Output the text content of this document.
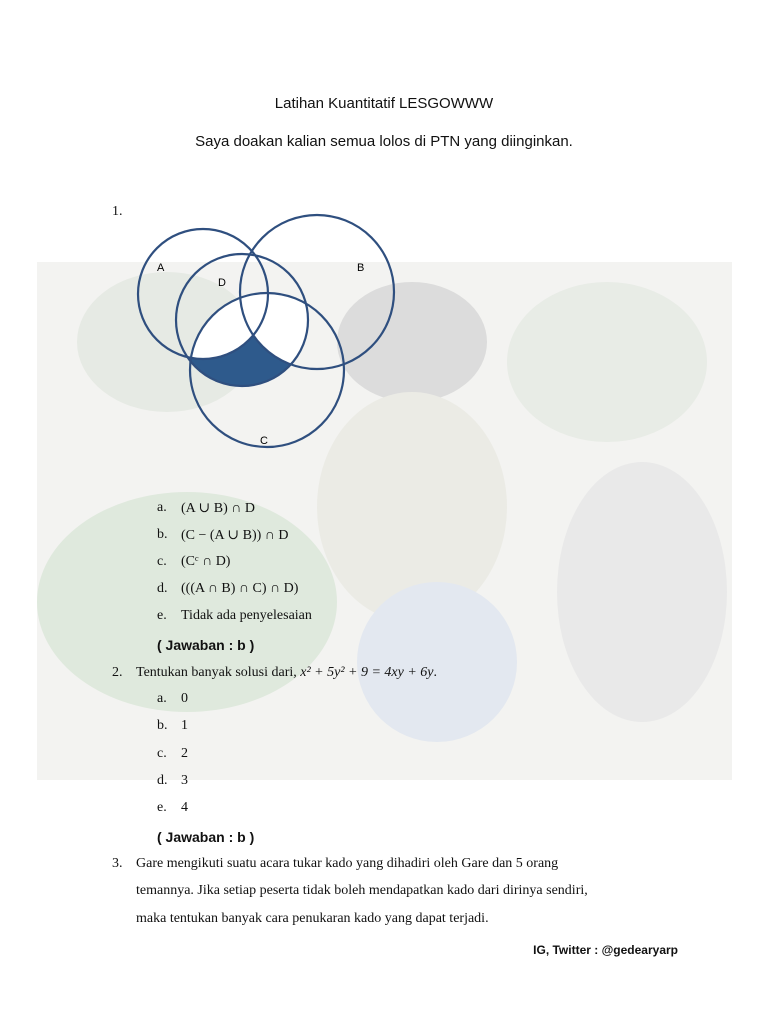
Latihan Kuantitatif LESGOWWW
Saya doakan kalian semua lolos di PTN yang diinginkan.
1.
A	B
D
C
a. (A ∪ B) ∩ D
b. (C − (A ∪ B)) ∩ D
c. (Cᶜ ∩ D)
d. (((A ∩ B) ∩ C) ∩ D)
e. Tidak ada penyelesaian
( Jawaban : b )
2. Tentukan banyak solusi dari, x² + 5y² + 9 = 4xy + 6y.
a. 0
b. 1
c. 2
d. 3
e. 4
( Jawaban : b )
3. Gare mengikuti suatu acara tukar kado yang dihadiri oleh Gare dan 5 orang
temannya. Jika setiap peserta tidak boleh mendapatkan kado dari dirinya sendiri,
maka tentukan banyak cara penukaran kado yang dapat terjadi.
IG, Twitter : @gedearyarp
